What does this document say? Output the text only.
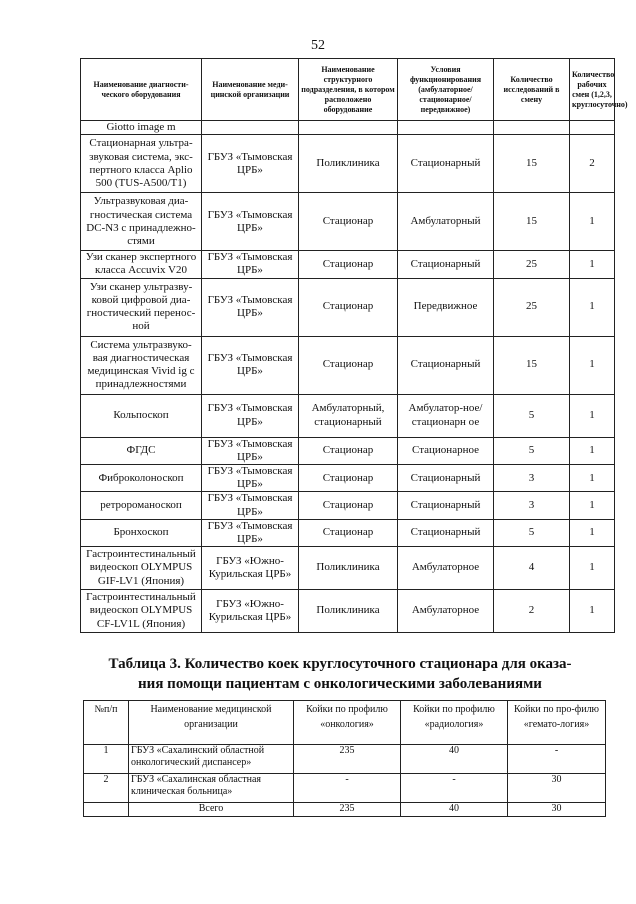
52
Наименование диагности-ческого оборудования	Наименование меди-цинской организации	Наименование структурного подразделения, в котором расположено оборудование	Условия функционирования (амбулаторное/стационарное/передвижное)	Количество исследований в смену	Количество рабочих смен (1,2,3, круглосуточно)
Giotto image m					
Стационарная ультра-звуковая система, экс-пертного класса Aplio 500 (TUS-A500/T1)	ГБУЗ «Тымовская ЦРБ»	Поликлиника	Стационарный	15	2
Ультразвуковая диа-гностическая система DC-N3 с принадлежно-стями	ГБУЗ «Тымовская ЦРБ»	Стационар	Амбулаторный	15	1
Узи сканер экспертного класса Accuvix V20	ГБУЗ «Тымовская ЦРБ»	Стационар	Стационарный	25	1
Узи сканер ультразву-ковой цифровой диа-гностический перенос-ной	ГБУЗ «Тымовская ЦРБ»	Стационар	Передвижное	25	1
Система ультразвуко-вая диагностическая медицинская Vivid ig с принадлежностями	ГБУЗ «Тымовская ЦРБ»	Стационар	Стационарный	15	1
Кольпоскоп	ГБУЗ «Тымовская ЦРБ»	Амбулаторный, стационарный	Амбулатор-ное/стационарн ое	5	1
ФГДС	ГБУЗ «Тымовская ЦРБ»	Стационар	Стационарное	5	1
Фиброколоноскоп	ГБУЗ «Тымовская ЦРБ»	Стационар	Стационарный	3	1
ретророманоскоп	ГБУЗ «Тымовская ЦРБ»	Стационар	Стационарный	3	1
Бронхоскоп	ГБУЗ «Тымовская ЦРБ»	Стационар	Стационарный	5	1
Гастроинтестинальный видеоскоп OLYMPUS GIF-LV1 (Япония)	ГБУЗ «Южно-Курильская ЦРБ»	Поликлиника	Амбулаторное	4	1
Гастроинтестинальный видеоскоп OLYMPUS CF-LV1L (Япония)	ГБУЗ «Южно-Курильская ЦРБ»	Поликлиника	Амбулаторное	2	1
Таблица 3. Количество коек круглосуточного стационара для оказа-
ния помощи пациентам с онкологическими заболеваниями
№п/п	Наименование медицинской организации	Койки по профилю «онкология»	Койки по профилю «радиология»	Койки по про-филю «гемато-логия»
1	ГБУЗ «Сахалинский областной онкологический диспансер»	235	40	-
2	ГБУЗ «Сахалинская областная клиническая больница»	-	-	30
	Всего	235	40	30
